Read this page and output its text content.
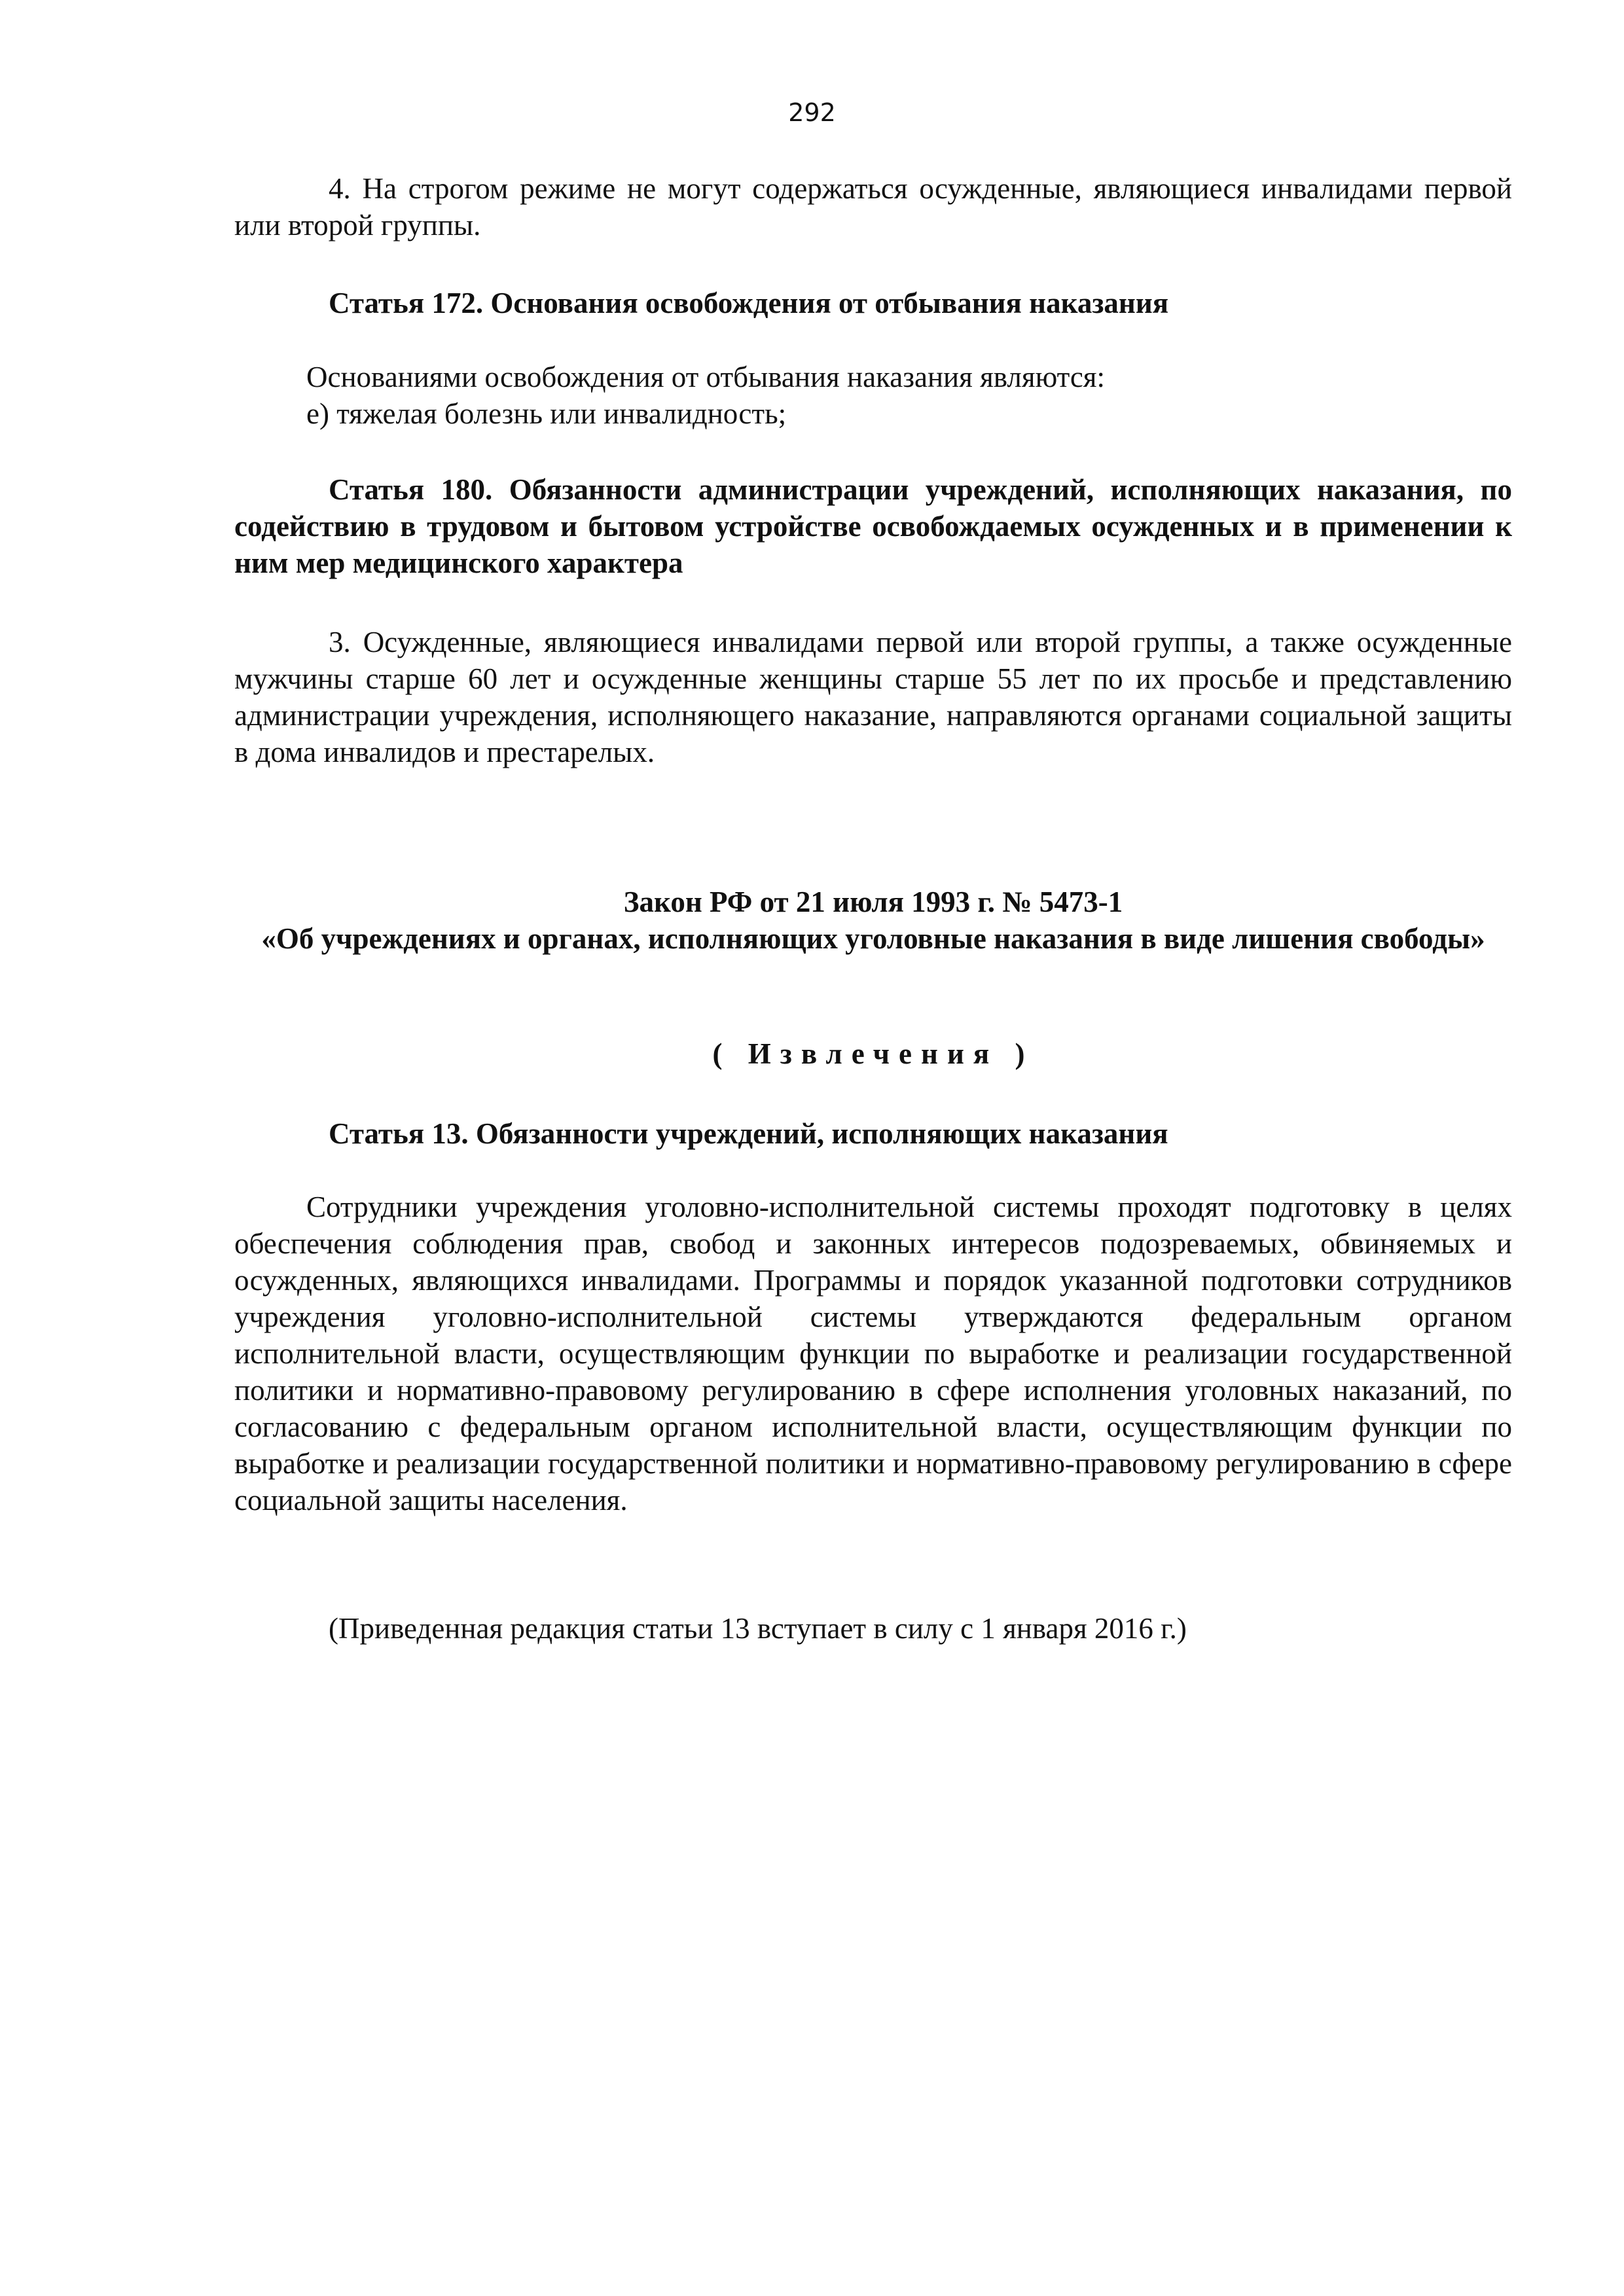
292

4. На строгом режиме не могут содержаться осужденные, являющиеся инвалидами первой или второй группы.

Статья 172. Основания освобождения от отбывания наказания

Основаниями освобождения от отбывания наказания являются:

е) тяжелая болезнь или инвалидность;

Статья 180. Обязанности администрации учреждений, исполняющих наказания, по содействию в трудовом и бытовом устройстве освобождаемых осужденных и в применении к ним мер медицинского характера

3. Осужденные, являющиеся инвалидами первой или второй группы, а также осужденные мужчины старше 60 лет и осужденные женщины старше 55 лет по их просьбе и представлению администрации учреждения, исполняющего наказание, направляются органами социальной защиты в дома инвалидов и престарелых.

Закон РФ от 21 июля 1993 г. № 5473-1

«Об учреждениях и органах, исполняющих уголовные наказания в виде лишения свободы»

( Извлечения )

Статья 13. Обязанности учреждений, исполняющих наказания

Сотрудники учреждения уголовно-исполнительной системы проходят подготовку в целях обеспечения соблюдения прав, свобод и законных интересов подозреваемых, обвиняемых и осужденных, являющихся инвалидами. Программы и порядок указанной подготовки сотрудников учреждения уголовно-исполнительной системы утверждаются федеральным органом исполнительной власти, осуществляющим функции по выработке и реализации государственной политики и нормативно-правовому регулированию в сфере исполнения уголовных наказаний, по согласованию с федеральным органом исполнительной власти, осуществляющим функции по выработке и реализации государственной политики и нормативно-правовому регулированию в сфере социальной защиты населения.

(Приведенная редакция статьи 13 вступает в силу с 1 января 2016 г.)
